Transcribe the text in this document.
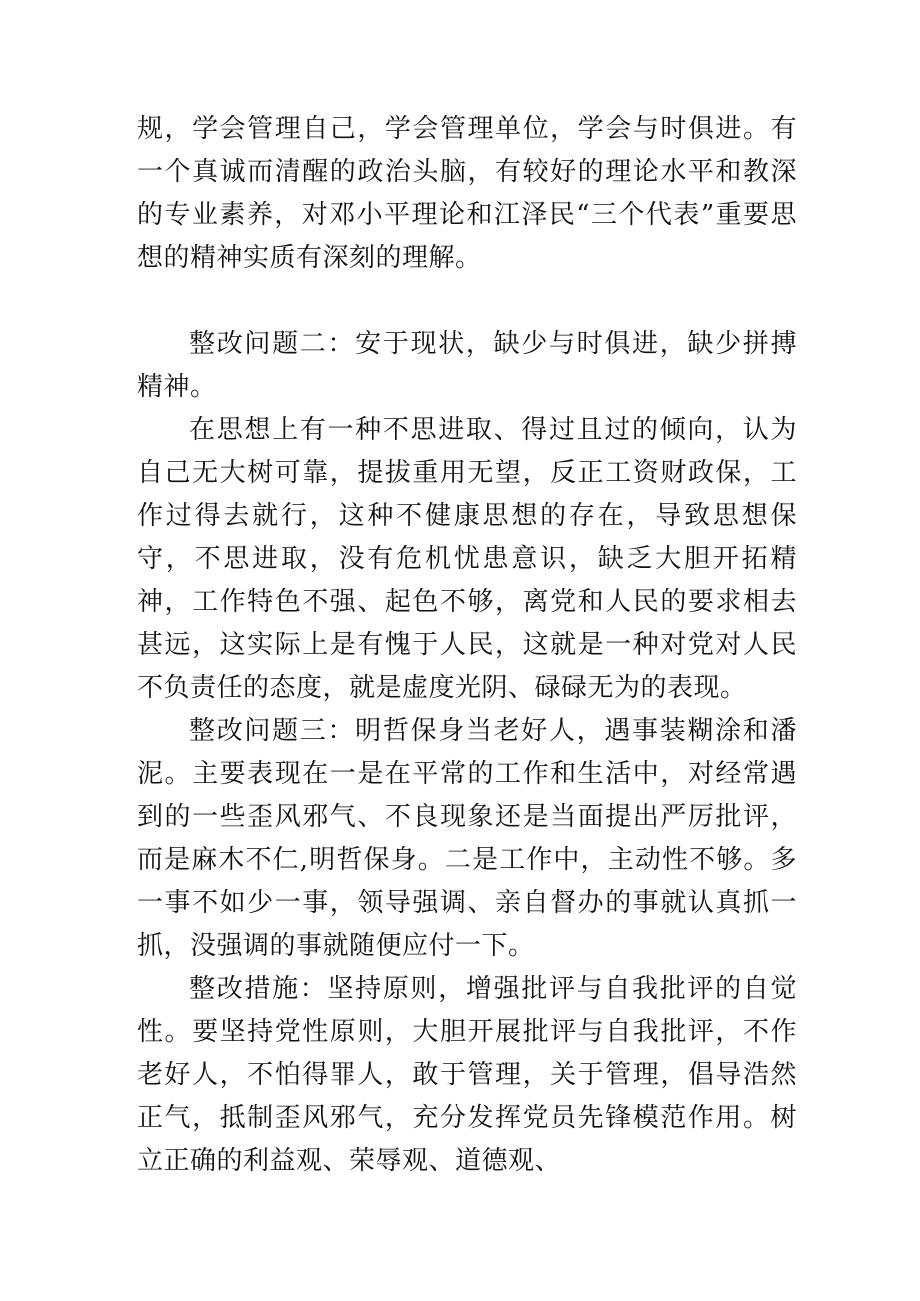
规，学会管理自己，学会管理单位，学会与时俱进。有一个真诚而清醒的政治头脑，有较好的理论水平和教深的专业素养，对邓小平理论和江泽民“三个代表”重要思想的精神实质有深刻的理解。

整改问题二：安于现状，缺少与时俱进，缺少拼搏精神。

在思想上有一种不思进取、得过且过的倾向，认为自己无大树可靠，提拔重用无望，反正工资财政保，工作过得去就行，这种不健康思想的存在，导致思想保守，不思进取，没有危机忧患意识，缺乏大胆开拓精神，工作特色不强、起色不够，离党和人民的要求相去甚远，这实际上是有愧于人民，这就是一种对党对人民不负责任的态度，就是虚度光阴、碌碌无为的表现。

整改问题三：明哲保身当老好人，遇事装糊涂和潘泥。主要表现在一是在平常的工作和生活中，对经常遇到的一些歪风邪气、不良现象还是当面提出严厉批评，而是麻木不仁,明哲保身。二是工作中，主动性不够。多一事不如少一事，领导强调、亲自督办的事就认真抓一抓，没强调的事就随便应付一下。

整改措施：坚持原则，增强批评与自我批评的自觉性。要坚持党性原则，大胆开展批评与自我批评，不作老好人，不怕得罪人，敢于管理，关于管理，倡导浩然正气，抵制歪风邪气，充分发挥党员先锋模范作用。树立正确的利益观、荣辱观、道德观、
